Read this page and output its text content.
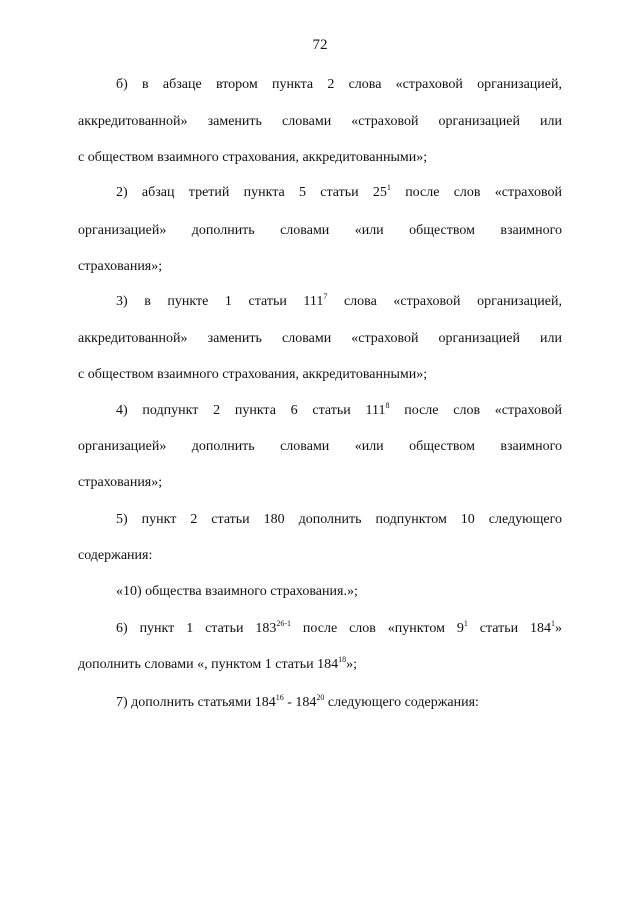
72
б) в абзаце втором пункта 2 слова «страховой организацией,
аккредитованной» заменить словами «страховой организацией или
с обществом взаимного страхования, аккредитованными»;
2) абзац третий пункта 5 статьи $25^1$ после слов «страховой
организацией» дополнить словами «или обществом взаимного
страхования»;
3) в пункте 1 статьи $111^7$ слова «страховой организацией,
аккредитованной» заменить словами «страховой организацией или
с обществом взаимного страхования, аккредитованными»;
4) подпункт 2 пункта 6 статьи $111^8$ после слов «страховой
организацией» дополнить словами «или обществом взаимного
страхования»;
5) пункт 2 статьи 180 дополнить подпунктом 10 следующего
содержания:
«10) общества взаимного страхования.»;
6) пункт 1 статьи 183$^{26-1}$ после слов «пунктом $9^1$ статьи $184^1$»
дополнить словами «, пунктом 1 статьи $184^{18}$»;
7) дополнить статьями $184^{16} - 184^{20}$ следующего содержания:
